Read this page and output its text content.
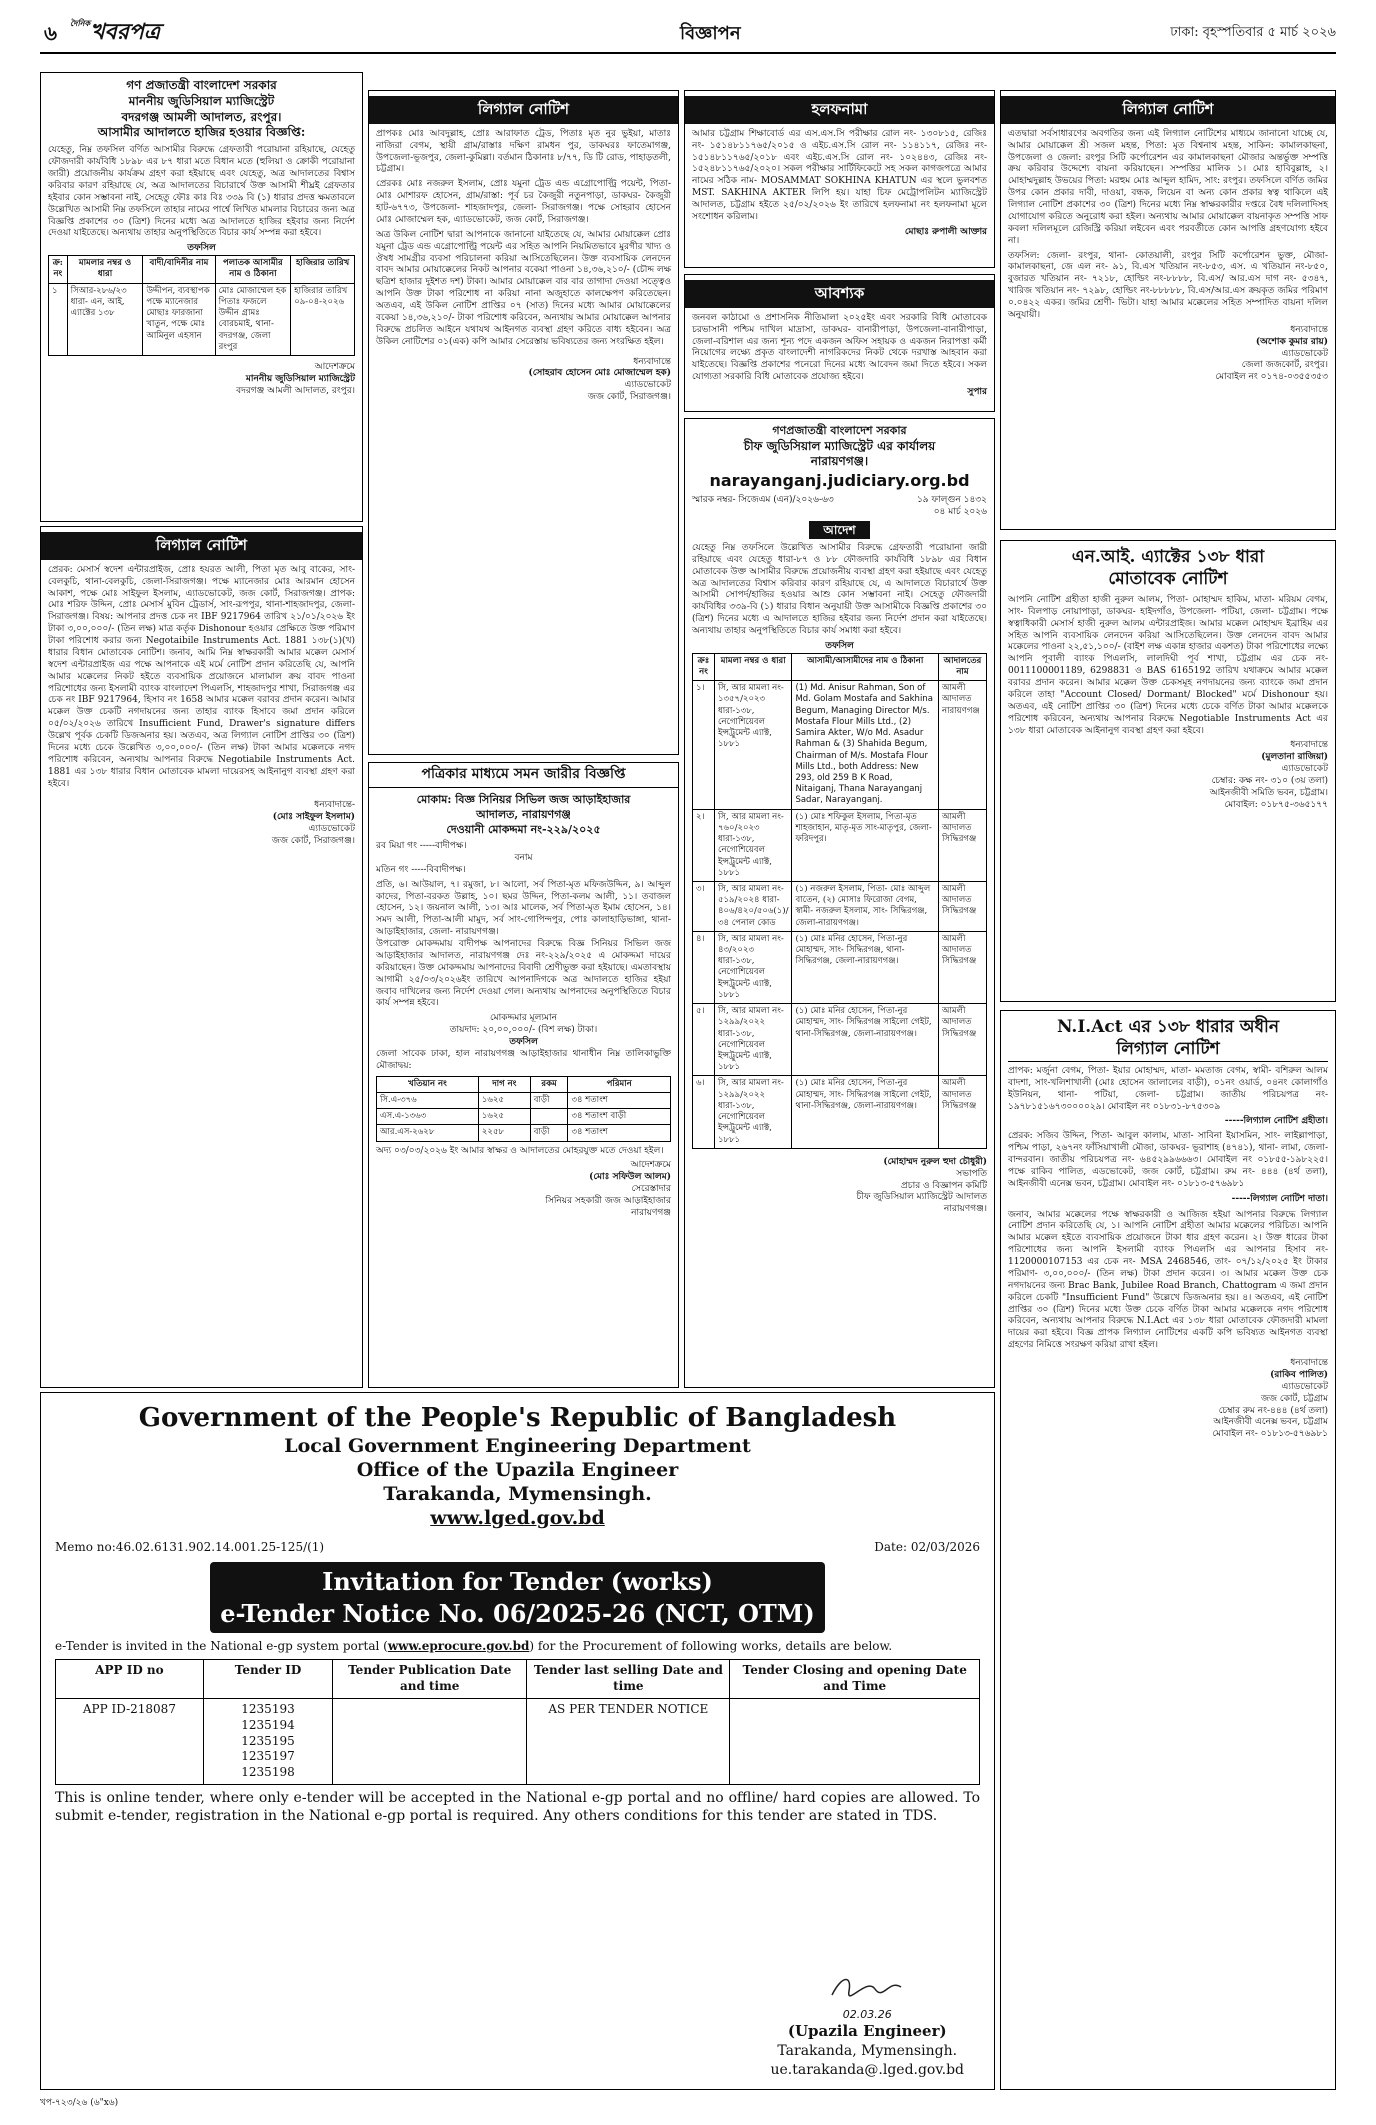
৬ $^{দৈনিক}$খবরপত্র	বিজ্ঞাপন	ঢাকা: বৃহস্পতিবার ৫ মার্চ ২০২৬
গণ প্রজাতন্ত্রী বাংলাদেশ সরকার
মাননীয় জুডিসিয়াল ম্যাজিস্ট্রেট
বদরগঞ্জ আমলী আদালত, রংপুর।
আসামীর আদালতে হাজির হওয়ার বিজ্ঞপ্তি:
যেহেতু, নিম্ন তফসিল বর্ণিত আসামীর বিরুদ্ধে গ্রেফতারী পরোয়ানা রহিয়াছে, যেহেতু ফৌজদারী কার্যবিধি ১৮৯৮ এর ৮৭ ধারা মতে বিধান মতে (হুলিয়া ও ক্রোকী পরোয়ানা জারী) প্রয়োজনীয় কার্যক্রম গ্রহণ করা হইয়াছে এবং যেহেতু, অত্র আদালতের বিশ্বাস করিবার কারণ রহিয়াছে যে, অত্র আদালতের বিচারার্থে উক্ত আসামী শীঘ্রই গ্রেফতার হইবার কোন সম্ভাবনা নাই, সেহেতু ফৌঃ কাঃ বিঃ ৩৩৯ বি (১) ধারার প্রদত্ত ক্ষমতাবলে উল্লেখিত আসামী নিম্ন তফসিলে তাহার নামের পার্শ্বে লিখিত মামলার বিচারের জন্য অত্র বিজ্ঞপ্তি প্রকাশের ৩০ (ত্রিশ) দিনের মধ্যে অত্র আদালতে হাজির হইবার জন্য নির্দেশ দেওয়া যাইতেছে। অন্যথায় তাহার অনুপস্থিতিতে বিচার কার্য সম্পন্ন করা হইবে।
তফসিল
ক্র: নং	মামলার নম্বর ও ধারা	বাদী/বাদিনীর নাম	পলাতক আসামীর নাম ও ঠিকানা	হাজিরার তারিখ
১	সিআর-২৮৬/২৩ ধারা- এন, আই, এ্যাক্টের ১৩৮	উদ্দীপন, ব্যবস্থাপক পক্ষে ম্যানেজার মোছাঃ ফারজানা খাতুন, পক্ষে মোঃ আমিনুল এহসান	মোঃ মোজাম্মেল হক পিতাঃ ফজলে উদ্দীন গ্রামঃ বোরচমাই, থানা- বদরগঞ্জ, জেলা রংপুর	হাজিরার তারিখ ০৯-০৪-২০২৬
আদেশক্রমে
মাননীয় জুডিসিয়াল ম্যাজিস্ট্রেট
বদরগঞ্জ আমলী আদালত, রংপুর।
লিগ্যাল নোটিশ
প্রেরক: মেসার্স স্বদেশ এন্টারপ্রাইজ, প্রোঃ হযরত আলী, পিতা মৃত আবু বাকের, সাং-বেলকুচি, থানা-বেলকুচি, জেলা-সিরাজগঞ্জ। পক্ষে ম্যানেজার মোঃ আরমান হোসেন আকাশ, পক্ষে মোঃ সাইফুল ইসলাম, এ্যাডভোকেট, জজ কোর্ট, সিরাজগঞ্জ। প্রাপক: মোঃ শরিফ উদ্দিন, প্রোঃ মেসার্স মুবিন ট্রেডার্স, সাং-রূপপুর, থানা-শাহজাদপুর, জেলা-সিরাজগঞ্জ। বিষয়: আপনার প্রদত্ত চেক নং IBF 9217964 তারিখ ২১/০১/২০২৬ ইং টাকা ৩,০০,০০০/- (তিন লক্ষ) মাত্র কর্তৃক Dishonour হওয়ার প্রেক্ষিতে উক্ত পরিমাণ টাকা পরিশোধ করার জন্য Negotaibile Instruments Act. 1881 ১৩৮(১)(খ) ধারার বিধান মোতাবেক নোটিশ। জনাব, আমি নিম্ন স্বাক্ষরকারী আমার মক্কেল মেসার্স স্বদেশ এন্টারপ্রাইজ এর পক্ষে আপনাকে এই মর্মে নোটিশ প্রদান করিতেছি যে, আপনি আমার মক্কেলের নিকট হইতে ব্যবসায়িক প্রয়োজনে মালামাল ক্রয় বাবদ পাওনা পরিশোধের জন্য ইসলামী ব্যাংক বাংলাদেশ পিএলসি, শাহজাদপুর শাখা, সিরাজগঞ্জ এর চেক নং IBF 9217964, হিসাব নং 1658 আমার মক্কেল বরাবর প্রদান করেন। আমার মক্কেল উক্ত চেকটি নগদায়নের জন্য তাহার ব্যাংক হিসাবে জমা প্রদান করিলে ০৫/০২/২০২৬ তারিখে Insufficient Fund, Drawer's signature differs উল্লেখ পূর্বক চেকটি ডিজঅনার হয়। অতএব, অত্র লিগ্যাল নোটিশ প্রাপ্তির ৩০ (ত্রিশ) দিনের মধ্যে চেকে উল্লেখিত ৩,০০,০০০/- (তিন লক্ষ) টাকা আমার মক্কেলকে নগদ পরিশোধ করিবেন, অন্যথায় আপনার বিরুদ্ধে Negotiabile Instruments Act. 1881 এর ১৩৮ ধারার বিধান মোতাবেক মামলা দায়েরসহ আইনানুগ ব্যবস্থা গ্রহণ করা হইবে।
ধন্যবাদান্তে-
(মোঃ সাইফুল ইসলাম)
এ্যাডভোকেট
জজ কোর্ট, সিরাজগঞ্জ।
লিগ্যাল নোটিশ
প্রাপকঃ মোঃ আবদুল্লাহ, প্রোঃ আরাফাত ট্রেড, পিতাঃ মৃত নুর ভুইয়া, মাতাঃ নাজিরা বেগম, স্থায়ী গ্রাম/রাস্তাঃ দক্ষিণ রামধন পুর, ডাকঘরঃ ফাতেমাগঞ্জ, উপজেলা-ভূজপুর, জেলা-কুমিল্লা। বর্তমান ঠিকানাঃ ৮/৭৭, ডি টি রোড, পাহাড়তলী, চট্টগ্রাম।
প্রেরকঃ মোঃ নজরুল ইসলাম, প্রোঃ যমুনা ট্রেড এন্ড এগ্রোপোল্ট্রি পয়েন্ট, পিতা- মোঃ মোশারফ হোসেন, গ্রাম/রাস্তা: পূর্ব চর কৈজুরী নতুনপাড়া, ডাকঘর- কৈজুরী হাট-৬৭৭৩, উপজেলা- শাহজাদপুর, জেলা- সিরাজগঞ্জ। পক্ষে সোহরাব হোসেন মোঃ মোজাম্মেল হক, এ্যাডভোকেট, জজ কোর্ট, সিরাজগঞ্জ।
অত্র উকিল নোটিশ দ্বারা আপনাকে জানানো যাইতেছে যে, আমার মোয়াক্কেল প্রোঃ যমুনা ট্রেড এন্ড এগ্রোপোল্ট্রি পয়েন্ট এর সহিত আপনি নিয়মিতভাবে মুরগীর খাদ্য ও ঔষধ সামগ্রীর ব্যবসা পরিচালনা করিয়া আসিতেছিলেন। উক্ত ব্যবসায়িক লেনদেন বাবদ আমার মোয়াক্কেলের নিকট আপনার বকেয়া পাওনা ১৪,৩৬,২১০/- (চৌদ্দ লক্ষ ছত্রিশ হাজার দুইশত দশ) টাকা। আমার মোয়াক্কেল বার বার তাগাদা দেওয়া সত্ত্বেও আপনি উক্ত টাকা পরিশোধ না করিয়া নানা অজুহাতে কালক্ষেপণ করিতেছেন। অতএব, এই উকিল নোটিশ প্রাপ্তির ০৭ (সাত) দিনের মধ্যে আমার মোয়াক্কেলের বকেয়া ১৪,৩৬,২১০/- টাকা পরিশোধ করিবেন, অন্যথায় আমার মোয়াক্কেল আপনার বিরুদ্ধে প্রচলিত আইনে যথাযথ আইনগত ব্যবস্থা গ্রহণ করিতে বাধ্য হইবেন। অত্র উকিল নোটিশের ০১(এক) কপি আমার সেরেস্তায় ভবিষ্যতের জন্য সংরক্ষিত হইল।
ধন্যবাদান্তে
(সোহরাব হোসেন মোঃ মোজাম্মেল হক)
এ্যাডভোকেট
জজ কোর্ট, সিরাজগঞ্জ।
পত্রিকার মাধ্যমে সমন জারীর বিজ্ঞপ্তি
মোকাম: বিজ্ঞ সিনিয়র সিভিল জজ আড়াইহাজার
আদালত, নারায়ণগঞ্জ
দেওয়ানী মোকদ্দমা নং-২২৯/২০২৫
রব মিয়া গং -----বাদীপক্ষ।
বনাম
মতিন গং -----বিবাদীপক্ষ।
প্রতি, ৬। আউয়াল, ৭। রমুজা, ৮। আলো, সর্ব পিতা-মৃত মফিজউদ্দিন, ৯। আব্দুল কাদের, পিতা-বরকত উল্লাহ, ১০। ছমর উদ্দিন, পিতা-কলম আলী, ১১। তবাজল হোসেন, ১২। জয়নাল আলী, ১৩। আঃ মালেক, সর্ব পিতা-মৃত ইমাম হোসেন, ১৪। সমদ আলী, পিতা-আলী মামুদ, সর্ব সাং-গোপিন্দপুর, পোঃ কালাহাড়িভাঙ্গা, থানা-আড়াইহাজার, জেলা- নারায়ণগঞ্জ।
উপরোক্ত মোকদ্দমায় বাদীপক্ষ আপনাদের বিরুদ্ধে বিজ্ঞ সিনিয়র সিভিল জজ আড়াইহাজার আদালত, নারায়ণগঞ্জ দেঃ নং-২২৯/২০২৫ এ মোকদ্দমা দায়ের করিয়াছেন। উক্ত মোকদ্দমায় আপনাদের বিবাদী শ্রেণীভুক্ত করা হইয়াছে। এমতাবস্থায় আগামী ২৫/০৩/২০২৬ইং তারিখে আপনাদিগকে অত্র আদালতে হাজির হইয়া জবাব দাখিলের জন্য নির্দেশ দেওয়া গেল। অন্যথায় আপনাদের অনুপস্থিতিতে বিচার কার্য সম্পন্ন হইবে।
মোকদ্দমার মূল্যমান
তায়দাদ: ২০,০০,০০০/- (বিশ লক্ষ) টাকা।
তফসিল
জেলা সাবেক ঢাকা, হাল নারায়ণগঞ্জ আড়াইহাজার থানাধীন নিম্ন তালিকাভুক্তি মৌজাদ্বয়:
খতিয়ান নং	দাগ নং	রকম	পরিমান
সি.এ-৩৭৬	১৬২৫	বাড়ী	৩৪ শতাংশ
এস.এ-১৩৬৩	১৬২৫		৩৪ শতাংশ বাড়ী
আর.এস-২৬২৮	২২৫৮	বাড়ী	৩৪ শতাংশ
অদ্য ০৩/০৩/২০২৬ ইং আমার স্বাক্ষর ও আদালতের মোহরযুক্ত মতে দেওয়া হইল।
আদেশক্রমে
(মোঃ সফিউল আলম)
সেরেস্তাদার
সিনিয়র সহকারী জজ আড়াইহাজার
নারায়ণগঞ্জ
হলফনামা
আমার চট্টগ্রাম শিক্ষাবোর্ড এর এস.এস.সি পরীক্ষার রোল নং- ১৩০৮১৫, রেজিঃ নং- ১৫১৪৮১১৭৬৫/২০১৫ ও এইচ.এস.সি রোল নং- ১১৪১১৭, রেজিঃ নং- ১৫১৪৮১১৭৬৫/২০১৮ এবং এইচ.এস.সি রোল নং- ১০২৪৪৩, রেজিঃ নং- ১৫২৪৮১১৭৬৫/২০২০। সকল পরীক্ষার সার্টিফিকেটে সহ সকল কাগজপত্রে আমার নামের সঠিক নাম- MOSAMMAT SOKHINA KHATUN এর স্থলে ভুলবশত MST. SAKHINA AKTER লিপি হয়। যাহা চিফ মেট্রোপলিটন ম্যাজিস্ট্রেট আদালত, চট্টগ্রাম হইতে ২৫/০২/২০২৬ ইং তারিখে হলফনামা নং হলফনামা মূলে সংশোধন করিলাম।
মোছাঃ রুপালী আক্তার
আবশ্যক
জনবল কাঠামো ও প্রশাসনিক নীতিমালা ২০২৫ইং এবং সরকারি বিধি মোতাবেক চরভাসানী পশ্চিম দাখিল মাদ্রাসা, ডাকঘর- বানারীপাড়া, উপজেলা-বানারীপাড়া, জেলা-বরিশাল এর জন্য শূন্য পদে একজন অফিস সহায়ক ও একজন নিরাপত্তা কর্মী নিয়োগের লক্ষ্যে প্রকৃত বাংলাদেশী নাগরিকদের নিকট থেকে দরখাস্ত আহবান করা যাইতেছে। বিজ্ঞপ্তি প্রকাশের পনেরো দিনের মধ্যে আবেদন জমা দিতে হইবে। সকল যোগ্যতা সরকারি বিধি মোতাবেক প্রযোজ্য হইবে।
সুপার
গণপ্রজাতন্ত্রী বাংলাদেশ সরকার
চীফ জুডিসিয়াল ম্যাজিস্ট্রেট এর কার্যালয়
নারায়ণগঞ্জ।
narayanganj.judiciary.org.bd
স্মারক নম্বর- সিজেএম (এন)/২০২৬-৬৩	১৯ ফাল্গুন ১৪৩২
০৪ মার্চ ২০২৬
আদেশ
যেহেতু নিম্ন তফসিলে উল্লেখিত আসামীর বিরুদ্ধে গ্রেফতারী পরোয়ানা জারী রহিয়াছে এবং যেহেতু ধারা-৮৭ ও ৮৮ ফৌজদারি কার্যবিধি ১৮৯৮ এর বিধান মোতাবেক উক্ত আসামীর বিরুদ্ধে প্রয়োজনীয় ব্যবস্থা গ্রহণ করা হইয়াছে এবং যেহেতু অত্র আদালতের বিশ্বাস করিবার কারণ রহিয়াছে যে, এ আদালতে বিচারার্থে উক্ত আসামী সোপর্দ/হাজির হওয়ার আশু কোন সম্ভাবনা নাই। সেহেতু ফৌজদারী কার্যবিধির ৩৩৯-বি (১) ধারার বিধান অনুযায়ী উক্ত আসামীকে বিজ্ঞপ্তি প্রকাশের ৩০ (ত্রিশ) দিনের মধ্যে এ আদালতে হাজির হইবার জন্য নির্দেশ প্রদান করা যাইতেছে। অন্যথায় তাহার অনুপস্থিতিতে বিচার কার্য সমাধা করা হইবে।
তফসিল
ক্রঃ নং	মামলা নম্বর ও ধারা	আসামী/আসামীদের নাম ও ঠিকানা	আদালতের নাম
১।	সি, আর মামলা নং- ১৩৫৭/২০২৩ ধারা-১৩৮, নেগোশিয়েবল ইন্সট্রুমেন্ট এ্যাক্ট, ১৮৮১	(1) Md. Anisur Rahman, Son of Md. Golam Mostafa and Sakhina Begum, Managing Director M/s. Mostafa Flour Mills Ltd., (2) Samira Akter, W/o Md. Asadur Rahman & (3) Shahida Begum, Chairman of M/s. Mostafa Flour Mills Ltd., both Address: New 293, old 259 B K Road, Nitaiganj, Thana Narayanganj Sadar, Narayanganj.	আমলী আদালত নারায়ণগঞ্জ
২।	সি, আর মামলা নং- ৭৬০/২০২৩ ধারা-১৩৮, নেগোশিয়েবল ইন্সট্রুমেন্ট এ্যাক্ট, ১৮৮১	(১) মোঃ শফিকুল ইসলাম, পিতা-মৃত শাহজাহান, মাতৃ-মৃত সাং-মাতৃপুর, জেলা-ফরিদপুর।	আমলী আদালত সিদ্ধিরগঞ্জ
৩।	সি, আর মামলা নং- ৫১৯/২০২৪ ধারা- ৪০৬/৪২০/৫০৬(১)/৩৪ পেনাল কোড	(১) নজরুল ইসলাম, পিতা- মোঃ আব্দুল বাতেন, (২) মোসাঃ ফিরোজা বেগম, স্বামী- নজরুল ইসলাম, সাং- সিদ্ধিরগঞ্জ, জেলা-নারায়ণগঞ্জ।	আমলী আদালত সিদ্ধিরগঞ্জ
৪।	সি, আর মামলা নং- ৪৩/২০২৩ ধারা-১৩৮, নেগোশিয়েবল ইন্সট্রুমেন্ট এ্যাক্ট, ১৮৮১	(১) মোঃ মনির হোসেন, পিতা-নুর মোহাম্মদ, সাং- সিদ্ধিরগঞ্জ, থানা-সিদ্ধিরগঞ্জ, জেলা-নারায়ণগঞ্জ।	আমলী আদালত সিদ্ধিরগঞ্জ
৫।	সি, আর মামলা নং- ১২৯৯/২০২২ ধারা-১৩৮, নেগোশিয়েবল ইন্সট্রুমেন্ট এ্যাক্ট, ১৮৮১	(১) মোঃ মনির হোসেন, পিতা-নুর মোহাম্মদ, সাং- সিদ্ধিরগঞ্জ সাইলো গেইট, থানা-সিদ্ধিরগঞ্জ, জেলা-নারায়ণগঞ্জ।	আমলী আদালত সিদ্ধিরগঞ্জ
৬।	সি, আর মামলা নং- ১২৯৯/২০২২ ধারা-১৩৮, নেগোশিয়েবল ইন্সট্রুমেন্ট এ্যাক্ট, ১৮৮১	(১) মোঃ মনির হোসেন, পিতা-নুর মোহাম্মদ, সাং- সিদ্ধিরগঞ্জ সাইলো গেইট, থানা-সিদ্ধিরগঞ্জ, জেলা-নারায়ণগঞ্জ।	আমলী আদালত সিদ্ধিরগঞ্জ
(মোহাম্মদ নুরুল হুদা চৌধুরী)
সভাপতি
প্রচার ও বিজ্ঞাপন কমিটি
চীফ জুডিসিয়াল ম্যাজিস্ট্রেট আদালত
নারায়ণগঞ্জ।
লিগ্যাল নোটিশ
এতদ্বারা সর্বসাধারণের অবগতির জন্য এই লিগ্যাল নোটিশের মাধ্যমে জানানো যাচ্ছে যে, আমার মোয়াক্কেল শ্রী সজল মহন্ত, পিতা: মৃত বিশ্বনাথ মহন্ত, সাকিন: কামালকাছনা, উপজেলা ও জেলা: রংপুর সিটি কর্পোরেশন এর কামালকাছনা মৌজার অন্তর্ভুক্ত সম্পত্তি ক্রয় করিবার উদ্দেশ্যে বায়না করিয়াছেন। সম্পত্তির মালিক ১। মোঃ হাবিবুল্লাহ, ২। মোহাম্মদুল্লাহ উভয়ের পিতা: মরহুম মোঃ আব্দুল হামিদ, সাং: রংপুর। তফসিলে বর্ণিত জমির উপর কোন প্রকার দাবী, দাওয়া, বন্ধক, লিয়েন বা অন্য কোন প্রকার স্বত্ব থাকিলে এই লিগ্যাল নোটিশ প্রকাশের ৩০ (ত্রিশ) দিনের মধ্যে নিম্ন স্বাক্ষরকারীর দপ্তরে বৈধ দলিলাদিসহ যোগাযোগ করিতে অনুরোধ করা হইল। অন্যথায় আমার মোয়াক্কেল বায়নাকৃত সম্পত্তি সাফ কবলা দলিলমূলে রেজিস্ট্রি করিয়া লইবেন এবং পরবর্তীতে কোন আপত্তি গ্রহণযোগ্য হইবে না।
তফসিল: জেলা- রংপুর, থানা- কোতয়ালী, রংপুর সিটি কর্পোরেশন ভুক্ত, মৌজা- কামালকাছনা, জে এল নং- ৯১, বি.এস খতিয়ান নং-৮৫৩, এস. এ খতিয়ান নং-৮৫০, বুজারত খতিয়ান নং- ৭২১৮, হোল্ডিং নং-৮৮৮৮, বি.এস/ আর.এস দাগ নং- ৫৩৪৭, খারিজ খতিয়ান নং- ৭২৯৮, হোল্ডিং নং-৮৮৮৮৮, বি.এস/আর.এস ক্রয়কৃত জমির পরিমাণ ০.০৪২২ একর। জমির শ্রেণী- ভিটা। যাহা আমার মক্কেলের সহিত সম্পাদিত বায়না দলিল অনুযায়ী।
ধন্যবাদান্তে
(অশোক কুমার রায়)
এ্যাডভোকেট
জেলা জজকোর্ট, রংপুর।
মোবাইল নং ০১৭৪-০৩৫৫৩৫৩
এন.আই. এ্যাক্টের ১৩৮ ধারা
মোতাবেক নোটিশ
আপনি নোটিশ গ্রহীতা হাজী নুরুল আলম, পিতা- মোহাম্মদ হাকিম, মাতা- মরিয়ম বেগম, সাং- বিলপাড় নোয়াপাড়া, ডাকঘর- হাইদগাঁও, উপজেলা- পটিয়া, জেলা- চট্টগ্রাম। পক্ষে স্বত্বাধিকারী মেসার্স হাজী নুরুল আলম এন্টারপ্রাইজ। আমার মক্কেল মোহাম্মদ ইব্রাহিম এর সহিত আপনি ব্যবসায়িক লেনদেন করিয়া আসিতেছিলেন। উক্ত লেনদেন বাবদ আমার মক্কেলের পাওনা ২২,৫১,১০০/- (বাইশ লক্ষ একান্ন হাজার একশত) টাকা পরিশোধের লক্ষ্যে আপনি পূবালী ব্যাংক পিএলসি, লালদিঘী পূর্ব শাখা, চট্টগ্রাম এর চেক নং- 0011100001189, 6298831 ও BAS 6165192 তারিখ যথাক্রমে আমার মক্কেল বরাবর প্রদান করেন। আমার মক্কেল উক্ত চেকসমূহ নগদায়নের জন্য ব্যাংকে জমা প্রদান করিলে তাহা "Account Closed/ Dormant/ Blocked" মর্মে Dishonour হয়। অতএব, এই নোটিশ প্রাপ্তির ৩০ (ত্রিশ) দিনের মধ্যে চেকে বর্ণিত টাকা আমার মক্কেলকে পরিশোধ করিবেন, অন্যথায় আপনার বিরুদ্ধে Negotiable Instruments Act এর ১৩৮ ধারা মোতাবেক আইনানুগ ব্যবস্থা গ্রহণ করা হইবে।
ধন্যবাদান্তে
(মুলতানা রাজিয়া)
এ্যাডভোকেট
চেম্বার: কক্ষ নং- ৩১০ (৩য় তলা)
আইনজীবী সমিতি ভবন, চট্টগ্রাম।
মোবাইল: ০১৮৭৫-৩৬৫১৭৭
N.I.Act এর ১৩৮ ধারার অধীন
লিগ্যাল নোটিশ
প্রাপক: মর্জুনা বেগম, পিতা- ইয়ার মোহাম্মদ, মাতা- মমতাজ বেগম, স্বামী- বশিরুল আলম বাদশা, সাং-খলিশাখালী (মোঃ হোসেন জালালের বাড়ী), ০১নং ওয়ার্ড, ০৪নং কোলাগাঁও ইউনিয়ন, থানা- পটিয়া, জেলা- চট্টগ্রাম। জাতীয় পরিচয়পত্র নং- ১৯৭৮১৫১৬৭৩০০০০২৯। মোবাইল নং ০১৮৩১-৮৭৫৩০৯
-----লিগ্যাল নোটিশ গ্রহীতা।
প্রেরক: সজিব উদ্দিন, পিতা- আবুল কালাম, মাতা- সাবিনা ইয়াসমিন, সাং- লাইল্লাপাড়া, পশ্চিম পাড়া, ২৬৭নং ফাঁসিয়াখালী মৌজা, ডাকঘর- ভূরাশাহ (৪৭৪১), থানা- লামা, জেলা- বান্দরবান। জাতীয় পরিচয়পত্র নং- ৬৪৫২৯৯৬৬৬৩। মোবাইল নং ০১৮৫৫-১৯৮২২৫। পক্ষে রাকিব পালিত, এডভোকেট, জজ কোর্ট, চট্টগ্রাম। রুম নং- ৪৪৪ (৪র্থ তলা), আইনজীবী এনেক্স ভবন, চট্টগ্রাম। মোবাইল নং- ০১৮১৩-৫৭৬৯৮১
-----লিগ্যাল নোটিশ দাতা।
জনাব, আমার মক্কেলের পক্ষে স্বাক্ষরকারী ও আজিজ হইয়া আপনার বিরুদ্ধে লিগ্যাল নোটিশ প্রদান করিতেছি যে, ১। আপনি নোটিশ গ্রহীতা আমার মক্কেলের পরিচিত। আপনি আমার মক্কেল হইতে ব্যবসায়িক প্রয়োজনে টাকা ধার গ্রহণ করেন। ২। উক্ত ধারের টাকা পরিশোধের জন্য আপনি ইসলামী ব্যাংক পিএলসি এর আপনার হিসাব নং- 1120000107153 এর চেক নং- MSA 2468546, তাং- ০৭/১২/২০২৫ ইং টাকার পরিমাণ- ৩,০০,০০০/- (তিন লক্ষ) টাকা প্রদান করেন। ৩। আমার মক্কেল উক্ত চেক নগদায়নের জন্য Brac Bank, Jubilee Road Branch, Chattogram এ জমা প্রদান করিলে চেকটি "Insufficient Fund" উল্লেখে ডিজঅনার হয়। ৪। অতএব, এই নোটিশ প্রাপ্তির ৩০ (ত্রিশ) দিনের মধ্যে উক্ত চেকে বর্ণিত টাকা আমার মক্কেলকে নগদ পরিশোধ করিবেন, অন্যথায় আপনার বিরুদ্ধে N.I.Act এর ১৩৮ ধারা মোতাবেক ফৌজদারী মামলা দায়ের করা হইবে। বিজ্ঞ প্রাপক লিগ্যাল নোটিশের একটি কপি ভবিষ্যত আইনগত ব্যবস্থা গ্রহণের নিমিত্তে সংরক্ষণ করিয়া রাখা হইল।
ধন্যবাদান্তে
(রাকিব পালিত)
এ্যাডভোকেট
জজ কোর্ট, চট্টগ্রাম
চেম্বার রুম নং-৪৪৪ (৪র্থ তলা)
আইনজীবী এনেক্স ভবন, চট্টগ্রাম
মোবাইল নং- ০১৮১৩-৫৭৬৯৮১
Government of the People's Republic of Bangladesh
Local Government Engineering Department
Office of the Upazila Engineer
Tarakanda, Mymensingh.
www.lged.gov.bd
Memo no:46.02.6131.902.14.001.25-125/(1)	Date: 02/03/2026
Invitation for Tender (works)
e-Tender Notice No. 06/2025-26 (NCT, OTM)
e-Tender is invited in the National e-gp system portal (www.eprocure.gov.bd) for the Procurement of following works, details are below.
APP ID no	Tender ID	Tender Publication Date and time	Tender last selling Date and time	Tender Closing and opening Date and Time
APP ID-218087	1235193
1235194
1235195
1235197
1235198		AS PER TENDER NOTICE	
This is online tender, where only e-tender will be accepted in the National e-gp portal and no offline/ hard copies are allowed. To submit e-tender, registration in the National e-gp portal is required. Any others conditions for this tender are stated in TDS.
02.03.26
(Upazila Engineer)
Tarakanda, Mymensingh.
ue.tarakanda@.lged.gov.bd
খপ-৭২৩/২৬ (৬"x৬)
